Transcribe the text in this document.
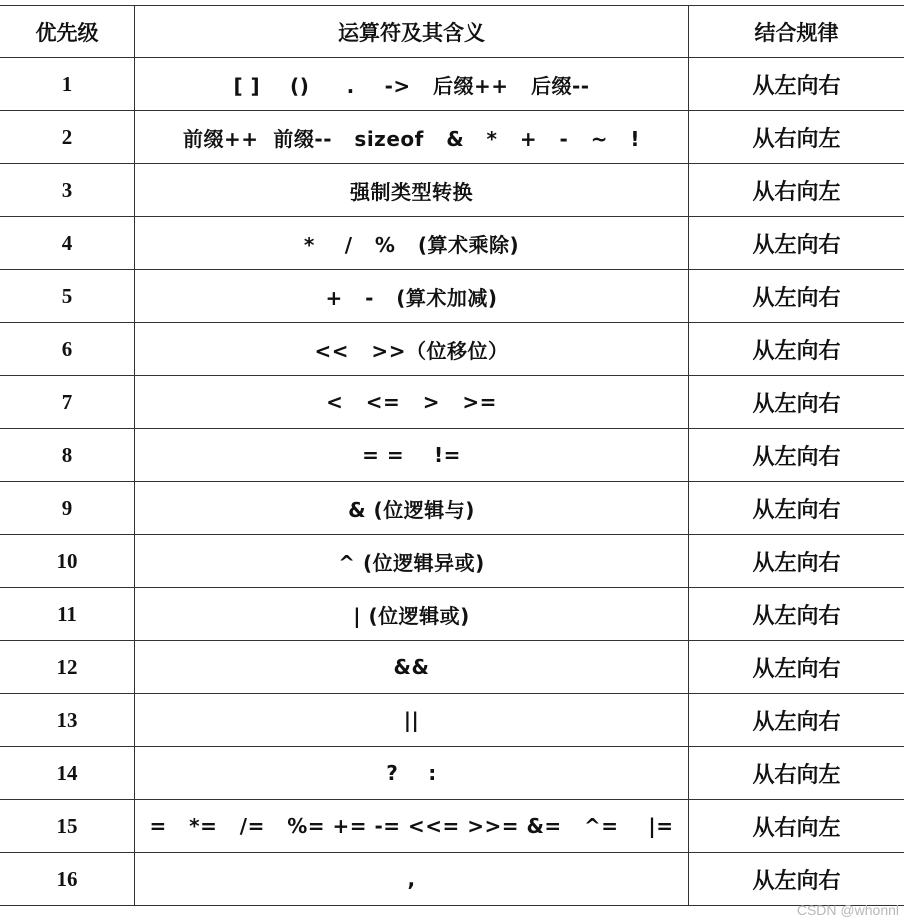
优先级	运算符及其含义	结合规律
1	[ ]    ()     .    ->   后缀++   后缀--	从左向右
2	前缀++  前缀--   sizeof   &   *   +   -   ~   !	从右向左
3	强制类型转换	从右向左
4	*    /   %   (算术乘除)	从左向右
5	+   -   (算术加减)	从左向右
6	<<   >>（位移位）	从左向右
7	<   <=   >   >=	从左向右
8	= =    !=	从左向右
9	& (位逻辑与)	从左向右
10	^ (位逻辑异或)	从左向右
11	| (位逻辑或)	从左向右
12	&&	从左向右
13	||	从左向右
14	?    :	从右向左
15	=   *=   /=   %= += -= <<= >>= &=   ^=    |=	从右向左
16	,	从左向右
CSDN @whonnl
